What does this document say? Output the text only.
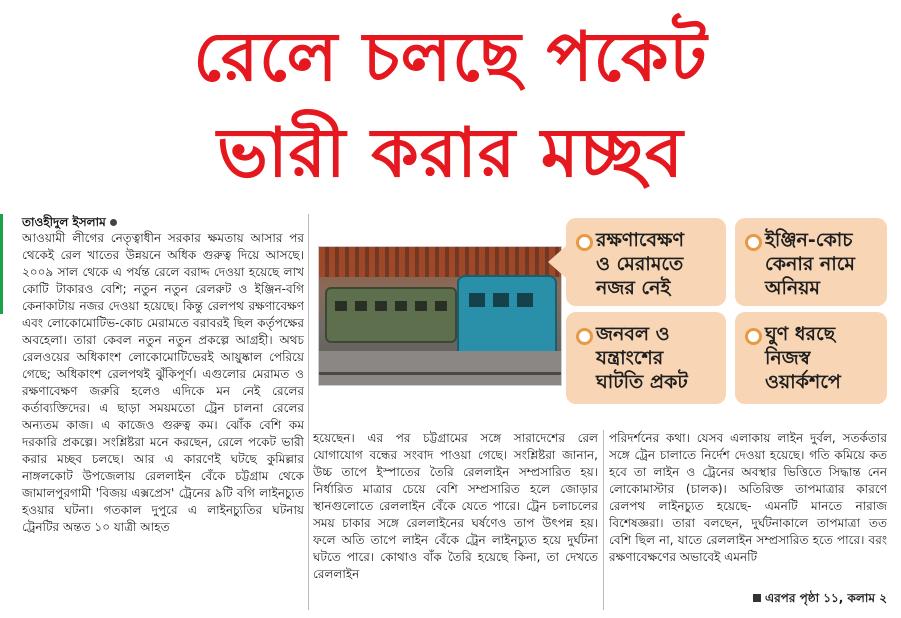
রেলে চলছে পকেট
ভারী করার মচ্ছব
তাওহীদুল ইসলাম

আওয়ামী লীগের নেতৃত্বাধীন সরকার ক্ষমতায় আসার পর থেকেই রেল খাতের উন্নয়নে অধিক গুরুত্ব দিয়ে আসছে। ২০০৯ সাল থেকে এ পর্যন্ত রেলে বরাদ্দ দেওয়া হয়েছে লাখ কোটি টাকারও বেশি; নতুন নতুন রেলরুট ও ইঞ্জিন-বগি কেনাকাটায় নজর দেওয়া হয়েছে। কিন্তু রেলপথ রক্ষণাবেক্ষণ এবং লোকোমোটিভ-কোচ মেরামতে বরাবরই ছিল কর্তৃপক্ষের অবহেলা। তারা কেবল নতুন নতুন প্রকল্পে আগ্রহী। অথচ রেলওয়ের অধিকাংশ লোকোমোটিভেরই আয়ুষ্কাল পেরিয়ে গেছে; অধিকাংশ রেলপথই ঝুঁকিপূর্ণ। এগুলোর মেরামত ও রক্ষণাবেক্ষণ জরুরি হলেও এদিকে মন নেই রেলের কর্তাব্যক্তিদের। এ ছাড়া সময়মতো ট্রেন চালনা রেলের অন্যতম কাজ। এ কাজেও গুরুত্ব কম। ঝোঁক বেশি কম দরকারি প্রকল্পে। সংশ্লিষ্টরা মনে করছেন, রেলে পকেট ভারী করার মচ্ছব চলছে। আর এ কারণেই ঘটছে কুমিল্লার নাঙ্গলকোট উপজেলায় রেললাইন বেঁকে চট্টগ্রাম থেকে জামালপুরগামী 'বিজয় এক্সপ্রেস' ট্রেনের ৯টি বগি লাইনচ্যুত হওয়ার ঘটনা। গতকাল দুপুরে এ লাইনচ্যুতির ঘটনায় ট্রেনটির অন্তত ১০ যাত্রী আহত

রক্ষণাবেক্ষণ
ও মেরামতে
নজর নেই
ইঞ্জিন-কোচ
কেনার নামে
অনিয়ম
জনবল ও
যন্ত্রাংশের
ঘাটতি প্রকট
ঘুণ ধরছে
নিজস্ব
ওয়ার্কশপে

হয়েছেন। এর পর চট্টগ্রামের সঙ্গে সারাদেশের রেল যোগাযোগ বন্ধের সংবাদ পাওয়া গেছে। সংশ্লিষ্টরা জানান, উচ্চ তাপে ইস্পাতের তৈরি রেললাইন সম্প্রসারিত হয়। নির্ধারিত মাত্রার চেয়ে বেশি সম্প্রসারিত হলে জোড়ার স্থানগুলোতে রেললাইন বেঁকে যেতে পারে। ট্রেন চলাচলের সময় চাকার সঙ্গে রেললাইনের ঘর্ষণেও তাপ উৎপন্ন হয়। ফলে অতি তাপে লাইন বেঁকে ট্রেন লাইনচ্যুত হয়ে দুর্ঘটনা ঘটতে পারে। কোথাও বাঁক তৈরি হয়েছে কিনা, তা দেখতে রেললাইন

পরিদর্শনের কথা। যেসব এলাকায় লাইন দুর্বল, সতর্কতার সঙ্গে ট্রেন চালাতে নির্দেশ দেওয়া হয়েছে। গতি কমিয়ে কত হবে তা লাইন ও ট্রেনের অবস্থার ভিত্তিতে সিদ্ধান্ত নেন লোকোমাস্টার (চালক)। অতিরিক্ত তাপমাত্রার কারণে রেলপথ লাইনচ্যুত হয়েছে- এমনটি মানতে নারাজ বিশেষজ্ঞরা। তারা বলছেন, দুর্ঘটনাকালে তাপমাত্রা তত বেশি ছিল না, যাতে রেললাইন সম্প্রসারিত হতে পারে। বরং রক্ষণাবেক্ষণের অভাবেই এমনটি

এরপর পৃষ্ঠা ১১, কলাম ২
